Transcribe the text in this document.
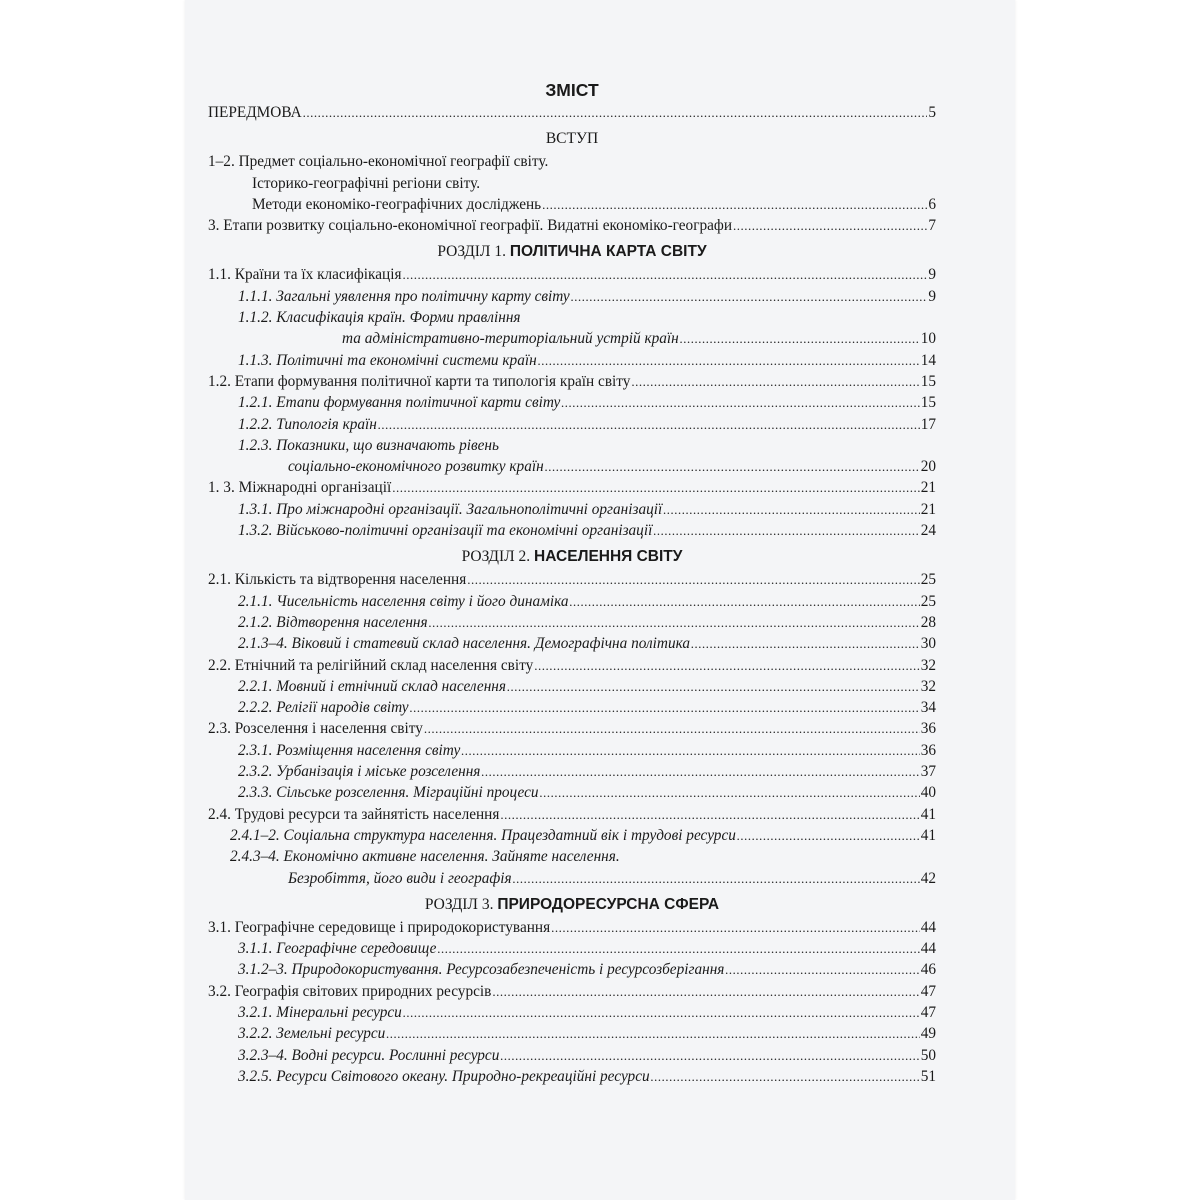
ЗМІСТ
ПЕРЕДМОВА .....	5
ВСТУП
1–2. Предмет соціально-економічної географії світу.
Історико-географічні регіони світу.
Методи економіко-географічних досліджень .....	6
3. Етапи розвитку соціально-економічної географії. Видатні економіко-географи .....	7
РОЗДІЛ 1. ПОЛІТИЧНА КАРТА СВІТУ
1.1. Країни та їх класифікація .....	9
1.1.1. Загальні уявлення про політичну карту світу .....	9
1.1.2. Класифікація країн. Форми правління
та адміністративно-територіальний устрій країн .....	10
1.1.3. Політичні та економічні системи країн .....	14
1.2. Етапи формування політичної карти та типологія країн світу .....	15
1.2.1. Етапи формування політичної карти світу .....	15
1.2.2. Типологія країн .....	17
1.2.3. Показники, що визначають рівень
соціально-економічного розвитку країн .....	20
1. 3. Міжнародні організації .....	21
1.3.1. Про міжнародні організації. Загальнополітичні організації .....	21
1.3.2. Військово-політичні організації та економічні організації .....	24
РОЗДІЛ 2. НАСЕЛЕННЯ СВІТУ
2.1. Кількість та відтворення населення .....	25
2.1.1. Чисельність населення світу і його динаміка .....	25
2.1.2. Відтворення населення .....	28
2.1.3–4. Віковий і статевий склад населення. Демографічна політика .....	30
2.2. Етнічний та релігійний склад населення світу .....	32
2.2.1. Мовний і етнічний склад населення .....	32
2.2.2. Релігії народів світу .....	34
2.3. Розселення і населення світу .....	36
2.3.1. Розміщення населення світу .....	36
2.3.2. Урбанізація і міське розселення .....	37
2.3.3. Сільське розселення. Міграційні процеси .....	40
2.4. Трудові ресурси та зайнятість населення .....	41
2.4.1–2. Соціальна структура населення. Працездатний вік і трудові ресурси .....	41
2.4.3–4. Економічно активне населення. Зайняте населення.
Безробіття, його види і географія .....	42
РОЗДІЛ 3. ПРИРОДОРЕСУРСНА СФЕРА
3.1. Географічне середовище і природокористування .....	44
3.1.1. Географічне середовище .....	44
3.1.2–3. Природокористування. Ресурсозабезпеченість і ресурсозберігання .....	46
3.2. Географія світових природних ресурсів .....	47
3.2.1. Мінеральні ресурси .....	47
3.2.2. Земельні ресурси .....	49
3.2.3–4. Водні ресурси. Рослинні ресурси .....	50
3.2.5. Ресурси Світового океану. Природно-рекреаційні ресурси .....	51
